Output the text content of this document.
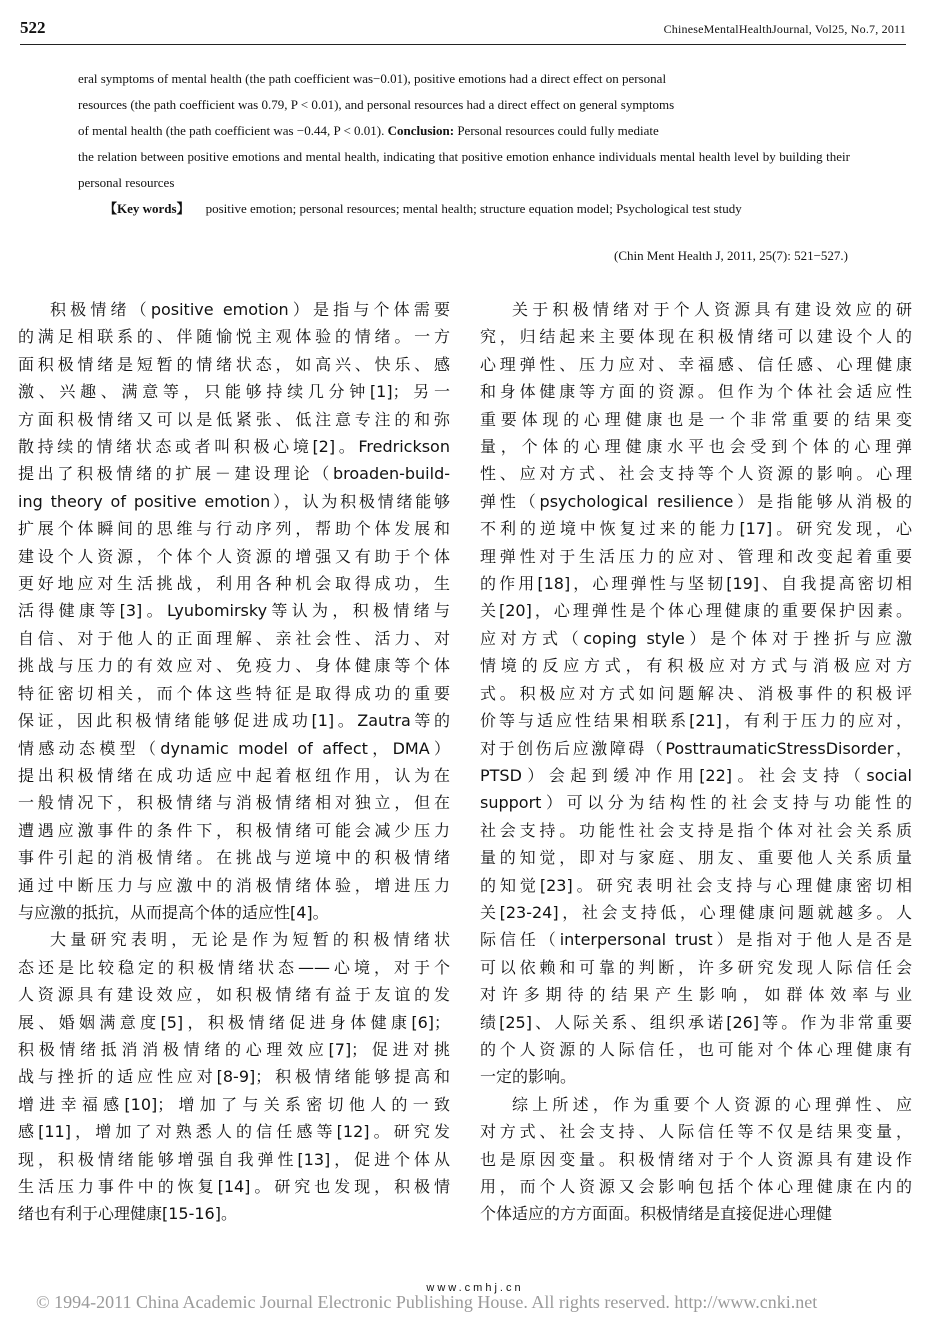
522	ChineseMentalHealthJournal, Vol25, No.7, 2011
eral symptoms of mental health (the path coefficient was−0.01), positive emotions had a direct effect on personal
resources (the path coefficient was 0.79, P < 0.01), and personal resources had a direct effect on general symptoms
of mental health (the path coefficient was −0.44, P < 0.01). Conclusion: Personal resources could fully mediate
the relation between positive emotions and mental health, indicating that positive emotion enhance individuals mental health level by building their personal resources
【Key words】 positive emotion; personal resources; mental health; structure equation model; Psychological test study
(Chin Ment Health J, 2011, 25(7): 521−527.)
积极情绪（positive emotion）是指与个体需要
的满足相联系的、伴随愉悦主观体验的情绪。一方
面积极情绪是短暂的情绪状态，如高兴、快乐、感
激、兴趣、满意等，只能够持续几分钟[1]；另一
方面积极情绪又可以是低紧张、低注意专注的和弥
散持续的情绪状态或者叫积极心境[2]。Fredrickson
提出了积极情绪的扩展－建设理论（broaden-build-
ing theory of positive emotion），认为积极情绪能够
扩展个体瞬间的思维与行动序列，帮助个体发展和
建设个人资源，个体个人资源的增强又有助于个体
更好地应对生活挑战，利用各种机会取得成功，生
活得健康等[3]。Lyubomirsky等认为，积极情绪与
自信、对于他人的正面理解、亲社会性、活力、对
挑战与压力的有效应对、免疫力、身体健康等个体
特征密切相关，而个体这些特征是取得成功的重要
保证，因此积极情绪能够促进成功[1]。Zautra等的
情感动态模型（dynamic model of affect，DMA）
提出积极情绪在成功适应中起着枢纽作用，认为在
一般情况下，积极情绪与消极情绪相对独立，但在
遭遇应激事件的条件下，积极情绪可能会减少压力
事件引起的消极情绪。在挑战与逆境中的积极情绪
通过中断压力与应激中的消极情绪体验，增进压力
与应激的抵抗，从而提高个体的适应性[4]。
大量研究表明，无论是作为短暂的积极情绪状
态还是比较稳定的积极情绪状态——心境，对于个
人资源具有建设效应，如积极情绪有益于友谊的发
展、婚姻满意度[5]，积极情绪促进身体健康[6]；
积极情绪抵消消极情绪的心理效应[7]；促进对挑
战与挫折的适应性应对[8-9]；积极情绪能够提高和
增进幸福感[10]；增加了与关系密切他人的一致
感[11]，增加了对熟悉人的信任感等[12]。研究发
现，积极情绪能够增强自我弹性[13]，促进个体从
生活压力事件中的恢复[14]。研究也发现，积极情
绪也有利于心理健康[15-16]。
关于积极情绪对于个人资源具有建设效应的研
究，归结起来主要体现在积极情绪可以建设个人的
心理弹性、压力应对、幸福感、信任感、心理健康
和身体健康等方面的资源。但作为个体社会适应性
重要体现的心理健康也是一个非常重要的结果变
量，个体的心理健康水平也会受到个体的心理弹
性、应对方式、社会支持等个人资源的影响。心理
弹性（psychological resilience）是指能够从消极的
不利的逆境中恢复过来的能力[17]。研究发现，心
理弹性对于生活压力的应对、管理和改变起着重要
的作用[18]，心理弹性与坚韧[19]、自我提高密切相
关[20]，心理弹性是个体心理健康的重要保护因素。
应对方式（coping style）是个体对于挫折与应激
情境的反应方式，有积极应对方式与消极应对方
式。积极应对方式如问题解决、消极事件的积极评
价等与适应性结果相联系[21]，有利于压力的应对，
对于创伤后应激障碍（PosttraumaticStressDisorder，
PTSD）会起到缓冲作用[22]。社会支持（social
support）可以分为结构性的社会支持与功能性的
社会支持。功能性社会支持是指个体对社会关系质
量的知觉，即对与家庭、朋友、重要他人关系质量
的知觉[23]。研究表明社会支持与心理健康密切相
关[23-24]，社会支持低，心理健康问题就越多。人
际信任（interpersonal trust）是指对于他人是否是
可以依赖和可靠的判断，许多研究发现人际信任会
对许多期待的结果产生影响，如群体效率与业
绩[25]、人际关系、组织承诺[26]等。作为非常重要
的个人资源的人际信任，也可能对个体心理健康有
一定的影响。
综上所述，作为重要个人资源的心理弹性、应
对方式、社会支持、人际信任等不仅是结果变量，
也是原因变量。积极情绪对于个人资源具有建设作
用，而个人资源又会影响包括个体心理健康在内的
个体适应的方方面面。积极情绪是直接促进心理健
www.cmhj.cn
© 1994-2011 China Academic Journal Electronic Publishing House. All rights reserved. http://www.cnki.net
